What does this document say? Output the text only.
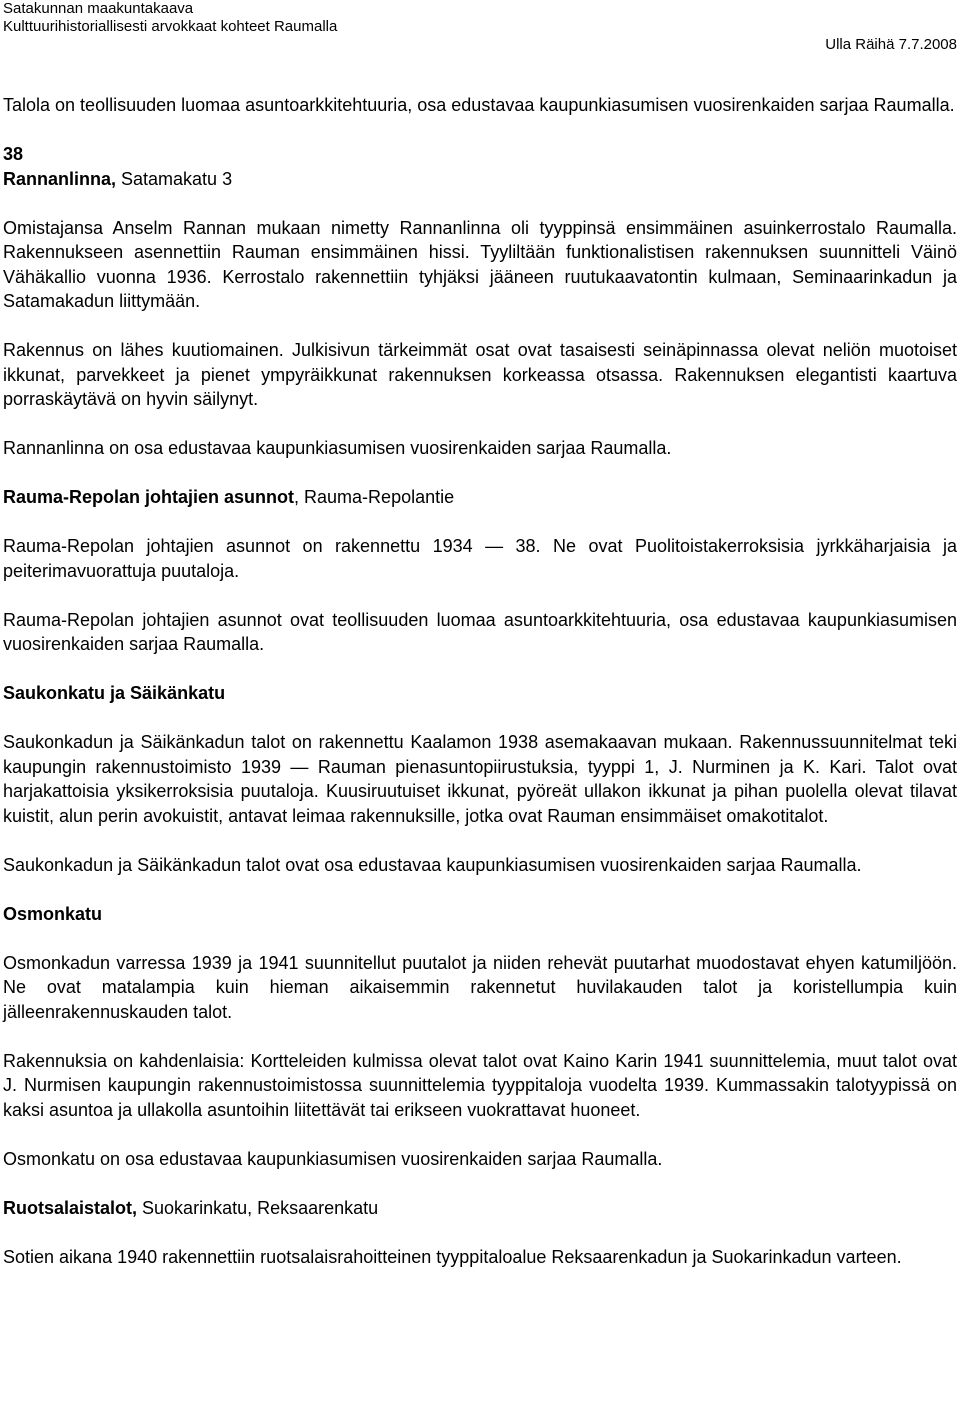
Satakunnan maakuntakaava
Kulttuurihistoriallisesti arvokkaat kohteet Raumalla
Ulla Räihä 7.7.2008

Talola on teollisuuden luomaa asuntoarkkitehtuuria, osa edustavaa kaupunkiasumisen vuosirenkaiden sarjaa Raumalla.

38
Rannanlinna, Satamakatu 3

Omistajansa Anselm Rannan mukaan nimetty Rannanlinna oli tyyppinsä ensimmäinen asuinkerrostalo Raumalla. Rakennukseen asennettiin Rauman ensimmäinen hissi. Tyyliltään funktionalistisen rakennuksen suunnitteli Väinö Vähäkallio vuonna 1936. Kerrostalo rakennettiin tyhjäksi jääneen ruutukaavatontin kulmaan, Seminaarinkadun ja Satamakadun liittymään.

Rakennus on lähes kuutiomainen. Julkisivun tärkeimmät osat ovat tasaisesti seinäpinnassa olevat neliön muotoiset ikkunat, parvekkeet ja pienet ympyräikkunat rakennuksen korkeassa otsassa. Rakennuksen elegantisti kaartuva porraskäytävä on hyvin säilynyt.

Rannanlinna on osa edustavaa kaupunkiasumisen vuosirenkaiden sarjaa Raumalla.

Rauma-Repolan johtajien asunnot, Rauma-Repolantie

Rauma-Repolan johtajien asunnot on rakennettu 1934 — 38. Ne ovat Puolitoistakerroksisia jyrkkäharjaisia ja peiterimavuorattuja puutaloja.

Rauma-Repolan johtajien asunnot ovat teollisuuden luomaa asuntoarkkitehtuuria, osa edustavaa kaupunkiasumisen vuosirenkaiden sarjaa Raumalla.

Saukonkatu ja Säikänkatu

Saukonkadun ja Säikänkadun talot on rakennettu Kaalamon 1938 asemakaavan mukaan. Rakennussuunnitelmat teki kaupungin rakennustoimisto 1939 — Rauman pienasuntopiirustuksia, tyyppi 1, J. Nurminen ja K. Kari. Talot ovat harjakattoisia yksikerroksisia puutaloja. Kuusiruutuiset ikkunat, pyöreät ullakon ikkunat ja pihan puolella olevat tilavat kuistit, alun perin avokuistit, antavat leimaa rakennuksille, jotka ovat Rauman ensimmäiset omakotitalot.

Saukonkadun ja Säikänkadun talot ovat osa edustavaa kaupunkiasumisen vuosirenkaiden sarjaa Raumalla.

Osmonkatu

Osmonkadun varressa 1939 ja 1941 suunnitellut puutalot ja niiden rehevät puutarhat muodostavat ehyen katumiljöön. Ne ovat matalampia kuin hieman aikaisemmin rakennetut huvilakauden talot ja koristellumpia kuin jälleenrakennuskauden talot.

Rakennuksia on kahdenlaisia: Kortteleiden kulmissa olevat talot ovat Kaino Karin 1941 suunnittelemia, muut talot ovat J. Nurmisen kaupungin rakennustoimistossa suunnittelemia tyyppitaloja vuodelta 1939. Kummassakin talotyypissä on kaksi asuntoa ja ullakolla asuntoihin liitettävät tai erikseen vuokrattavat huoneet.

Osmonkatu on osa edustavaa kaupunkiasumisen vuosirenkaiden sarjaa Raumalla.

Ruotsalaistalot, Suokarinkatu, Reksaarenkatu

Sotien aikana 1940 rakennettiin ruotsalaisrahoitteinen tyyppitaloalue Reksaarenkadun ja Suokarinkadun varteen.
